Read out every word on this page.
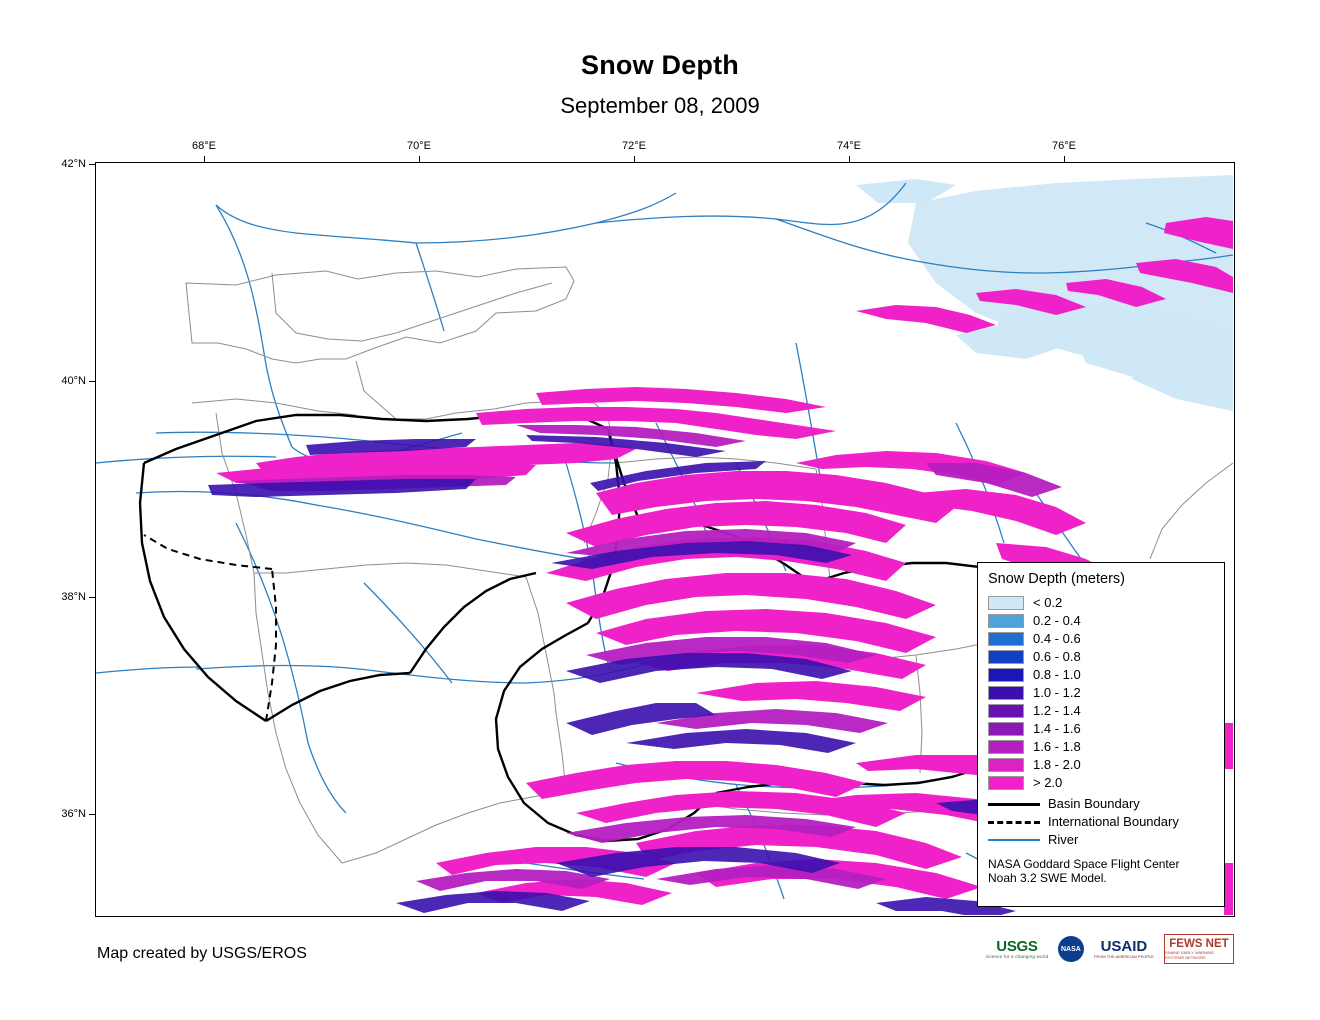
Snow Depth
September 08, 2009
68°E	70°E	72°E	74°E	76°E
42°N
40°N
38°N
36°N
Snow Depth (meters)
< 0.2
0.2 - 0.4
0.4 - 0.6
0.6 - 0.8
0.8 - 1.0
1.0 - 1.2
1.2 - 1.4
1.4 - 1.6
1.6 - 1.8
1.8 - 2.0
> 2.0
Basin Boundary
International Boundary
River
NASA Goddard Space Flight Center
Noah 3.2 SWE Model.
Map created by USGS/EROS	USGS
science for a changing world
NASA USAID
FROM THE AMERICAN PEOPLE
FEWS NET
FAMINE EARLY WARNING SYSTEMS NETWORK
